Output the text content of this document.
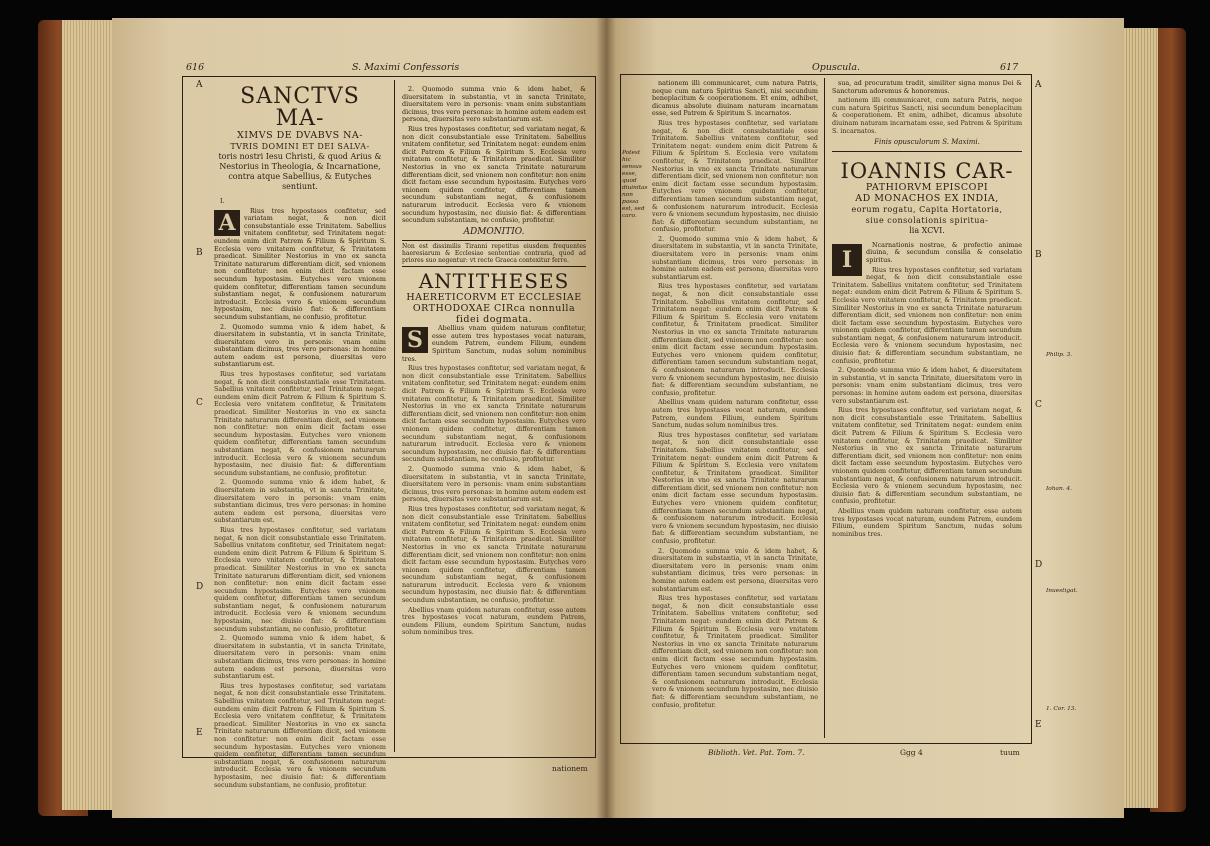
616	S. Maximi Confessoris
A
B
C
D
E
SANCTVS MA-

XIMVS DE DVABVS NA-

TVRIS DOMINI ET DEI SALVA-

toris nostri Iesu Christi, & quod Arius & Nestorius in Theologia, & Incarnatione, contra atque Sabellius, & Eutyches sentiunt.

I.

A	Rius tres hypostases confitetur, sed variatam negat, & non dicit consubstantiale esse Trinitatem. Sabellius vnitatem confitetur, sed Trinitatem negat: eundem enim dicit Patrem & Filium & Spiritum S. Ecclesia vero vnitatem confitetur, & Trinitatem praedicat. Similiter Nestorius in vno ex sancta Trinitate naturarum differentiam dicit, sed vnionem non confitetur: non enim dicit factam esse secundum hypostasim. Eutyches vero vnionem quidem confitetur, differentiam tamen secundum substantiam negat, & confusionem naturarum introducit. Ecclesia vero & vnionem secundum hypostasim, nec diuisio fiat: & differentiam secundum substantiam, ne confusio, profitetur.

2. Quomodo summa vnio & idem habet, & diuersitatem in substantia, vt in sancta Trinitate, diuersitatem vero in personis: vnam enim substantiam dicimus, tres vero personas: in homine autem eadem est persona, diuersitas vero substantiarum est.

Rius tres hypostases confitetur, sed variatam negat, & non dicit consubstantiale esse Trinitatem. Sabellius vnitatem confitetur, sed Trinitatem negat: eundem enim dicit Patrem & Filium & Spiritum S. Ecclesia vero vnitatem confitetur, & Trinitatem praedicat. Similiter Nestorius in vno ex sancta Trinitate naturarum differentiam dicit, sed vnionem non confitetur: non enim dicit factam esse secundum hypostasim. Eutyches vero vnionem quidem confitetur, differentiam tamen secundum substantiam negat, & confusionem naturarum introducit. Ecclesia vero & vnionem secundum hypostasim, nec diuisio fiat: & differentiam secundum substantiam, ne confusio, profitetur.

2. Quomodo summa vnio & idem habet, & diuersitatem in substantia, vt in sancta Trinitate, diuersitatem vero in personis: vnam enim substantiam dicimus, tres vero personas: in homine autem eadem est persona, diuersitas vero substantiarum est.

Rius tres hypostases confitetur, sed variatam negat, & non dicit consubstantiale esse Trinitatem. Sabellius vnitatem confitetur, sed Trinitatem negat: eundem enim dicit Patrem & Filium & Spiritum S. Ecclesia vero vnitatem confitetur, & Trinitatem praedicat. Similiter Nestorius in vno ex sancta Trinitate naturarum differentiam dicit, sed vnionem non confitetur: non enim dicit factam esse secundum hypostasim. Eutyches vero vnionem quidem confitetur, differentiam tamen secundum substantiam negat, & confusionem naturarum introducit. Ecclesia vero & vnionem secundum hypostasim, nec diuisio fiat: & differentiam secundum substantiam, ne confusio, profitetur.

2. Quomodo summa vnio & idem habet, & diuersitatem in substantia, vt in sancta Trinitate, diuersitatem vero in personis: vnam enim substantiam dicimus, tres vero personas: in homine autem eadem est persona, diuersitas vero substantiarum est.

Rius tres hypostases confitetur, sed variatam negat, & non dicit consubstantiale esse Trinitatem. Sabellius vnitatem confitetur, sed Trinitatem negat: eundem enim dicit Patrem & Filium & Spiritum S. Ecclesia vero vnitatem confitetur, & Trinitatem praedicat. Similiter Nestorius in vno ex sancta Trinitate naturarum differentiam dicit, sed vnionem non confitetur: non enim dicit factam esse secundum hypostasim. Eutyches vero vnionem quidem confitetur, differentiam tamen secundum substantiam negat, & confusionem naturarum introducit. Ecclesia vero & vnionem secundum hypostasim, nec diuisio fiat: & differentiam secundum substantiam, ne confusio, profitetur.

2. Quomodo summa vnio & idem habet, & diuersitatem in substantia, vt in sancta Trinitate, diuersitatem vero in personis: vnam enim substantiam dicimus, tres vero personas: in homine autem eadem est persona, diuersitas vero substantiarum est.

Rius tres hypostases confitetur, sed variatam negat, & non dicit consubstantiale esse Trinitatem. Sabellius vnitatem confitetur, sed Trinitatem negat: eundem enim dicit Patrem & Filium & Spiritum S. Ecclesia vero vnitatem confitetur, & Trinitatem praedicat. Similiter Nestorius in vno ex sancta Trinitate naturarum differentiam dicit, sed vnionem non confitetur: non enim dicit factam esse secundum hypostasim. Eutyches vero vnionem quidem confitetur, differentiam tamen secundum substantiam negat, & confusionem naturarum introducit. Ecclesia vero & vnionem secundum hypostasim, nec diuisio fiat: & differentiam secundum substantiam, ne confusio, profitetur.

ADMONITIO.

Non est dissimilis Tiranni repetitus eiusdem frequentes haeresiarum & Ecclesiae sententiae contraria, quod ad priores suo negentur: vt recte Graeca contexitur ferre.
ANTITHESES

HAERETICORVM ET ECCLESIAE ORTHODOXAE CIRca nonnulla fidei dogmata.

S	Abellius vnam quidem naturam confitetur, esse autem tres hypostases vocat naturam, eundem Patrem, eundem Filium, eundem Spiritum Sanctum, nudas solum nominibus tres.

Rius tres hypostases confitetur, sed variatam negat, & non dicit consubstantiale esse Trinitatem. Sabellius vnitatem confitetur, sed Trinitatem negat: eundem enim dicit Patrem & Filium & Spiritum S. Ecclesia vero vnitatem confitetur, & Trinitatem praedicat. Similiter Nestorius in vno ex sancta Trinitate naturarum differentiam dicit, sed vnionem non confitetur: non enim dicit factam esse secundum hypostasim. Eutyches vero vnionem quidem confitetur, differentiam tamen secundum substantiam negat, & confusionem naturarum introducit. Ecclesia vero & vnionem secundum hypostasim, nec diuisio fiat: & differentiam secundum substantiam, ne confusio, profitetur.

2. Quomodo summa vnio & idem habet, & diuersitatem in substantia, vt in sancta Trinitate, diuersitatem vero in personis: vnam enim substantiam dicimus, tres vero personas: in homine autem eadem est persona, diuersitas vero substantiarum est.

Rius tres hypostases confitetur, sed variatam negat, & non dicit consubstantiale esse Trinitatem. Sabellius vnitatem confitetur, sed Trinitatem negat: eundem enim dicit Patrem & Filium & Spiritum S. Ecclesia vero vnitatem confitetur, & Trinitatem praedicat. Similiter Nestorius in vno ex sancta Trinitate naturarum differentiam dicit, sed vnionem non confitetur: non enim dicit factam esse secundum hypostasim. Eutyches vero vnionem quidem confitetur, differentiam tamen secundum substantiam negat, & confusionem naturarum introducit. Ecclesia vero & vnionem secundum hypostasim, nec diuisio fiat: & differentiam secundum substantiam, ne confusio, profitetur.

Abellius vnam quidem naturam confitetur, esse autem tres hypostases vocat naturam, eundem Patrem, eundem Filium, eundem Spiritum Sanctum, nudas solum nominibus tres.

nationem
Opuscula.	617
A
B
C
D
E
Potest hic sensus esse, quod diuinitas non passa est, sed caro.
Philip. 3.
Iohan. 4.
Inuestigat.
1. Cor. 13.

nationem illi communicaret, cum natura Patris, neque cum natura Spiritus Sancti, nisi secundum beneplacitum & cooperationem. Et enim, adhibet, dicamus absolute diuinam naturam incarnatam esse, sed Patrem & Spiritum S. incarnatos.

Rius tres hypostases confitetur, sed variatam negat, & non dicit consubstantiale esse Trinitatem. Sabellius vnitatem confitetur, sed Trinitatem negat: eundem enim dicit Patrem & Filium & Spiritum S. Ecclesia vero vnitatem confitetur, & Trinitatem praedicat. Similiter Nestorius in vno ex sancta Trinitate naturarum differentiam dicit, sed vnionem non confitetur: non enim dicit factam esse secundum hypostasim. Eutyches vero vnionem quidem confitetur, differentiam tamen secundum substantiam negat, & confusionem naturarum introducit. Ecclesia vero & vnionem secundum hypostasim, nec diuisio fiat: & differentiam secundum substantiam, ne confusio, profitetur.

2. Quomodo summa vnio & idem habet, & diuersitatem in substantia, vt in sancta Trinitate, diuersitatem vero in personis: vnam enim substantiam dicimus, tres vero personas: in homine autem eadem est persona, diuersitas vero substantiarum est.

Rius tres hypostases confitetur, sed variatam negat, & non dicit consubstantiale esse Trinitatem. Sabellius vnitatem confitetur, sed Trinitatem negat: eundem enim dicit Patrem & Filium & Spiritum S. Ecclesia vero vnitatem confitetur, & Trinitatem praedicat. Similiter Nestorius in vno ex sancta Trinitate naturarum differentiam dicit, sed vnionem non confitetur: non enim dicit factam esse secundum hypostasim. Eutyches vero vnionem quidem confitetur, differentiam tamen secundum substantiam negat, & confusionem naturarum introducit. Ecclesia vero & vnionem secundum hypostasim, nec diuisio fiat: & differentiam secundum substantiam, ne confusio, profitetur.

Abellius vnam quidem naturam confitetur, esse autem tres hypostases vocat naturam, eundem Patrem, eundem Filium, eundem Spiritum Sanctum, nudas solum nominibus tres.

Rius tres hypostases confitetur, sed variatam negat, & non dicit consubstantiale esse Trinitatem. Sabellius vnitatem confitetur, sed Trinitatem negat: eundem enim dicit Patrem & Filium & Spiritum S. Ecclesia vero vnitatem confitetur, & Trinitatem praedicat. Similiter Nestorius in vno ex sancta Trinitate naturarum differentiam dicit, sed vnionem non confitetur: non enim dicit factam esse secundum hypostasim. Eutyches vero vnionem quidem confitetur, differentiam tamen secundum substantiam negat, & confusionem naturarum introducit. Ecclesia vero & vnionem secundum hypostasim, nec diuisio fiat: & differentiam secundum substantiam, ne confusio, profitetur.

2. Quomodo summa vnio & idem habet, & diuersitatem in substantia, vt in sancta Trinitate, diuersitatem vero in personis: vnam enim substantiam dicimus, tres vero personas: in homine autem eadem est persona, diuersitas vero substantiarum est.

Rius tres hypostases confitetur, sed variatam negat, & non dicit consubstantiale esse Trinitatem. Sabellius vnitatem confitetur, sed Trinitatem negat: eundem enim dicit Patrem & Filium & Spiritum S. Ecclesia vero vnitatem confitetur, & Trinitatem praedicat. Similiter Nestorius in vno ex sancta Trinitate naturarum differentiam dicit, sed vnionem non confitetur: non enim dicit factam esse secundum hypostasim. Eutyches vero vnionem quidem confitetur, differentiam tamen secundum substantiam negat, & confusionem naturarum introducit. Ecclesia vero & vnionem secundum hypostasim, nec diuisio fiat: & differentiam secundum substantiam, ne confusio, profitetur.

sua, ad procuratum tradit, similiter signa manus Dei & Sanctorum adoremus & honoremus.

nationem illi communicaret, cum natura Patris, neque cum natura Spiritus Sancti, nisi secundum beneplacitum & cooperationem. Et enim, adhibet, dicamus absolute diuinam naturam incarnatam esse, sed Patrem & Spiritum S. incarnatos.

Finis opusculorum S. Maximi.

IOANNIS CAR-

PATHIORVM EPISCOPI

AD MONACHOS EX INDIA,

eorum rogatu, Capita Hortatoria,

siue consolationis spiritua-

lia XCVI.

I

Ncarnationis nostrae, & profectio animae diuina, & secundum consilia & consolatio spiritus.

Rius tres hypostases confitetur, sed variatam negat, & non dicit consubstantiale esse Trinitatem. Sabellius vnitatem confitetur, sed Trinitatem negat: eundem enim dicit Patrem & Filium & Spiritum S. Ecclesia vero vnitatem confitetur, & Trinitatem praedicat. Similiter Nestorius in vno ex sancta Trinitate naturarum differentiam dicit, sed vnionem non confitetur: non enim dicit factam esse secundum hypostasim. Eutyches vero vnionem quidem confitetur, differentiam tamen secundum substantiam negat, & confusionem naturarum introducit. Ecclesia vero & vnionem secundum hypostasim, nec diuisio fiat: & differentiam secundum substantiam, ne confusio, profitetur.

2. Quomodo summa vnio & idem habet, & diuersitatem in substantia, vt in sancta Trinitate, diuersitatem vero in personis: vnam enim substantiam dicimus, tres vero personas: in homine autem eadem est persona, diuersitas vero substantiarum est.

Rius tres hypostases confitetur, sed variatam negat, & non dicit consubstantiale esse Trinitatem. Sabellius vnitatem confitetur, sed Trinitatem negat: eundem enim dicit Patrem & Filium & Spiritum S. Ecclesia vero vnitatem confitetur, & Trinitatem praedicat. Similiter Nestorius in vno ex sancta Trinitate naturarum differentiam dicit, sed vnionem non confitetur: non enim dicit factam esse secundum hypostasim. Eutyches vero vnionem quidem confitetur, differentiam tamen secundum substantiam negat, & confusionem naturarum introducit. Ecclesia vero & vnionem secundum hypostasim, nec diuisio fiat: & differentiam secundum substantiam, ne confusio, profitetur.

Abellius vnam quidem naturam confitetur, esse autem tres hypostases vocat naturam, eundem Patrem, eundem Filium, eundem Spiritum Sanctum, nudas solum nominibus tres.

Biblioth. Vet. Pat. Tom. 7.	Ggg 4	tuum
